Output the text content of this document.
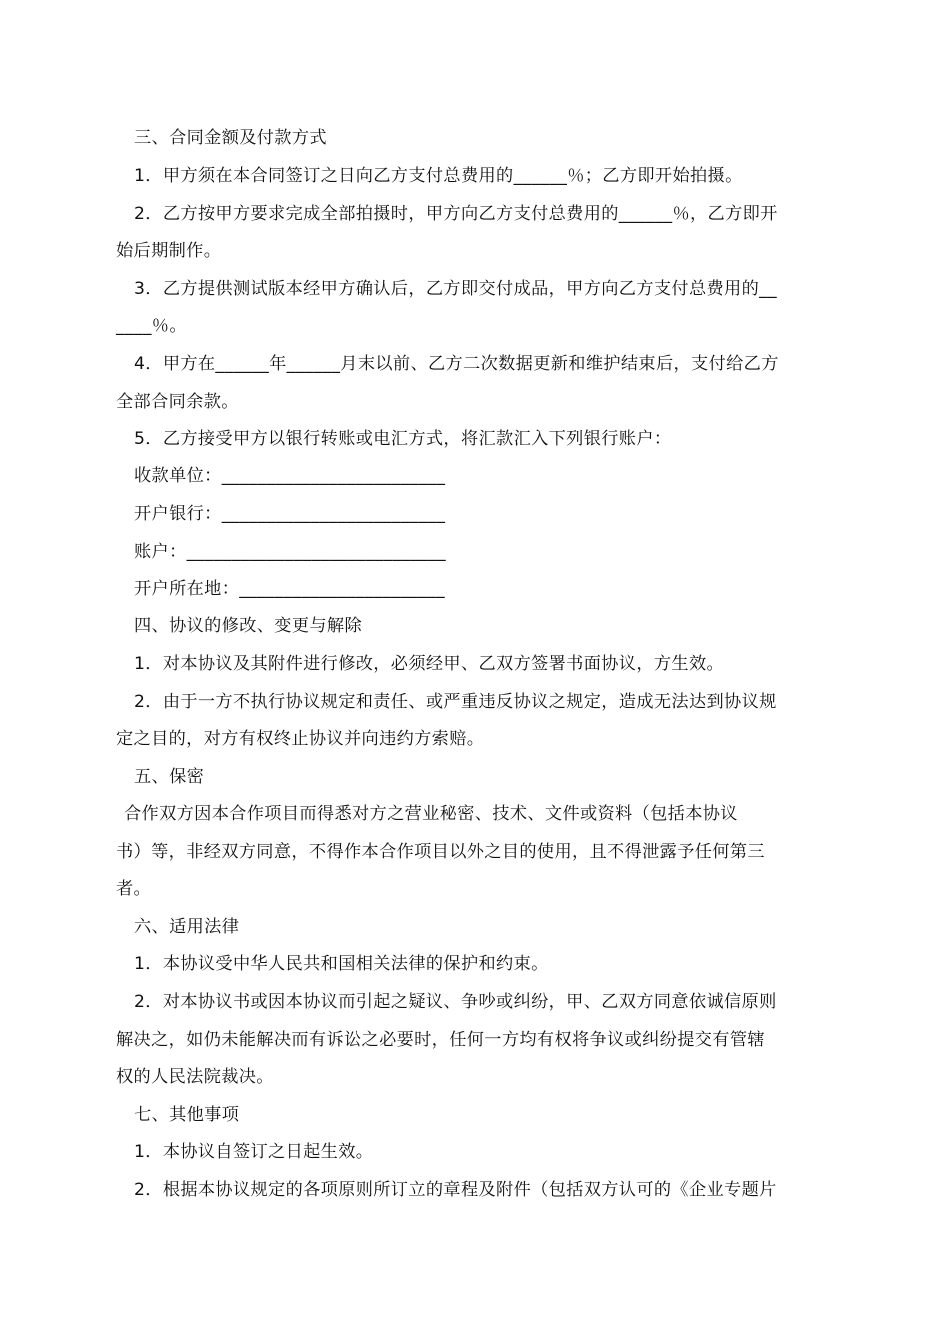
三、合同金额及付款方式
1．甲方须在本合同签订之日向乙方支付总费用的______％；乙方即开始拍摄。
2．乙方按甲方要求完成全部拍摄时，甲方向乙方支付总费用的______％，乙方即开
始后期制作。
3．乙方提供测试版本经甲方确认后，乙方即交付成品，甲方向乙方支付总费用的__
____％。
4．甲方在______年______月末以前、乙方二次数据更新和维护结束后，支付给乙方
全部合同余款。
5．乙方接受甲方以银行转账或电汇方式，将汇款汇入下列银行账户：
收款单位：_________________________
开户银行：_________________________
账户：_____________________________
开户所在地：_______________________
四、协议的修改、变更与解除
1．对本协议及其附件进行修改，必须经甲、乙双方签署书面协议，方生效。
2．由于一方不执行协议规定和责任、或严重违反协议之规定，造成无法达到协议规
定之目的，对方有权终止协议并向违约方索赔。
五、保密
合作双方因本合作项目而得悉对方之营业秘密、技术、文件或资料（包括本协议
书）等，非经双方同意，不得作本合作项目以外之目的使用，且不得泄露予任何第三
者。
六、适用法律
1．本协议受中华人民共和国相关法律的保护和约束。
2．对本协议书或因本协议而引起之疑议、争吵或纠纷，甲、乙双方同意依诚信原则
解决之，如仍未能解决而有诉讼之必要时，任何一方均有权将争议或纠纷提交有管辖
权的人民法院裁决。
七、其他事项
1．本协议自签订之日起生效。
2．根据本协议规定的各项原则所订立的章程及附件（包括双方认可的《企业专题片
